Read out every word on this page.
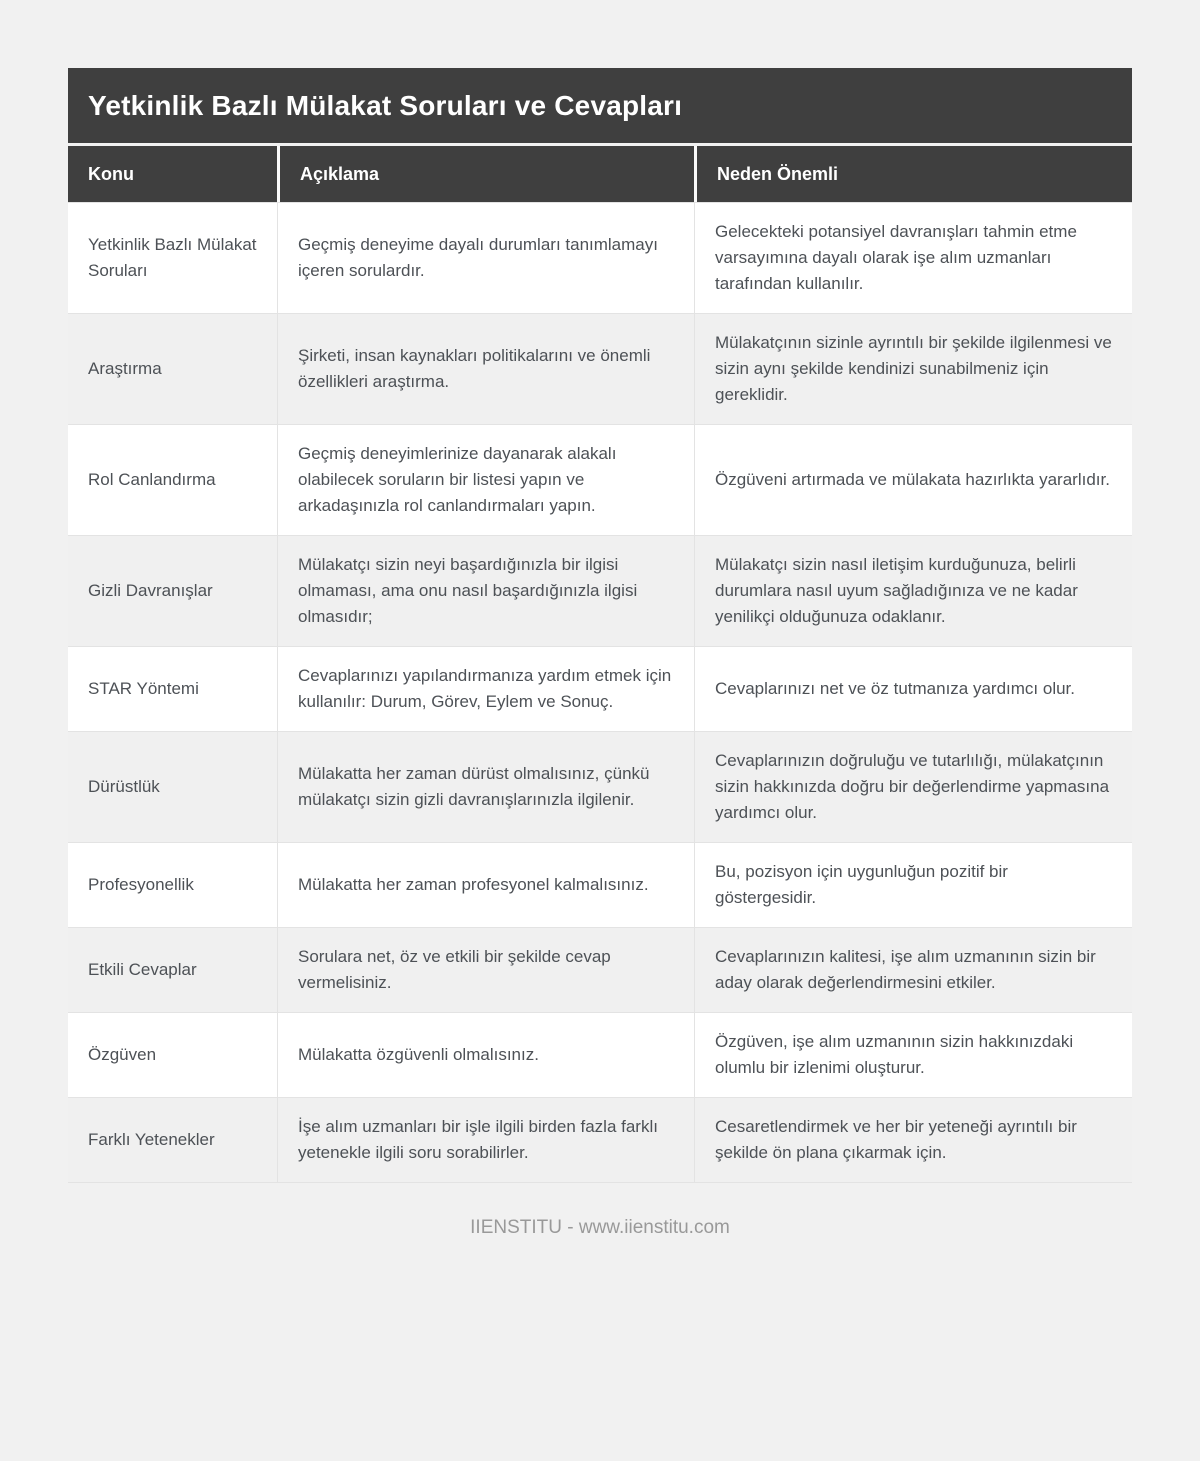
Yetkinlik Bazlı Mülakat Soruları ve Cevapları
Konu	Açıklama	Neden Önemli
Yetkinlik Bazlı Mülakat Soruları	Geçmiş deneyime dayalı durumları tanımlamayı içeren sorulardır.	Gelecekteki potansiyel davranışları tahmin etme varsayımına dayalı olarak işe alım uzmanları tarafından kullanılır.
Araştırma	Şirketi, insan kaynakları politikalarını ve önemli özellikleri araştırma.	Mülakatçının sizinle ayrıntılı bir şekilde ilgilenmesi ve sizin aynı şekilde kendinizi sunabilmeniz için gereklidir.
Rol Canlandırma	Geçmiş deneyimlerinize dayanarak alakalı olabilecek soruların bir listesi yapın ve arkadaşınızla rol canlandırmaları yapın.	Özgüveni artırmada ve mülakata hazırlıkta yararlıdır.
Gizli Davranışlar	Mülakatçı sizin neyi başardığınızla bir ilgisi olmaması, ama onu nasıl başardığınızla ilgisi olmasıdır;	Mülakatçı sizin nasıl iletişim kurduğunuza, belirli durumlara nasıl uyum sağladığınıza ve ne kadar yenilikçi olduğunuza odaklanır.
STAR Yöntemi	Cevaplarınızı yapılandırmanıza yardım etmek için kullanılır: Durum, Görev, Eylem ve Sonuç.	Cevaplarınızı net ve öz tutmanıza yardımcı olur.
Dürüstlük	Mülakatta her zaman dürüst olmalısınız, çünkü mülakatçı sizin gizli davranışlarınızla ilgilenir.	Cevaplarınızın doğruluğu ve tutarlılığı, mülakatçının sizin hakkınızda doğru bir değerlendirme yapmasına yardımcı olur.
Profesyonellik	Mülakatta her zaman profesyonel kalmalısınız.	Bu, pozisyon için uygunluğun pozitif bir göstergesidir.
Etkili Cevaplar	Sorulara net, öz ve etkili bir şekilde cevap vermelisiniz.	Cevaplarınızın kalitesi, işe alım uzmanının sizin bir aday olarak değerlendirmesini etkiler.
Özgüven	Mülakatta özgüvenli olmalısınız.	Özgüven, işe alım uzmanının sizin hakkınızdaki olumlu bir izlenimi oluşturur.
Farklı Yetenekler	İşe alım uzmanları bir işle ilgili birden fazla farklı yetenekle ilgili soru sorabilirler.	Cesaretlendirmek ve her bir yeteneği ayrıntılı bir şekilde ön plana çıkarmak için.
IIENSTITU - www.iienstitu.com
